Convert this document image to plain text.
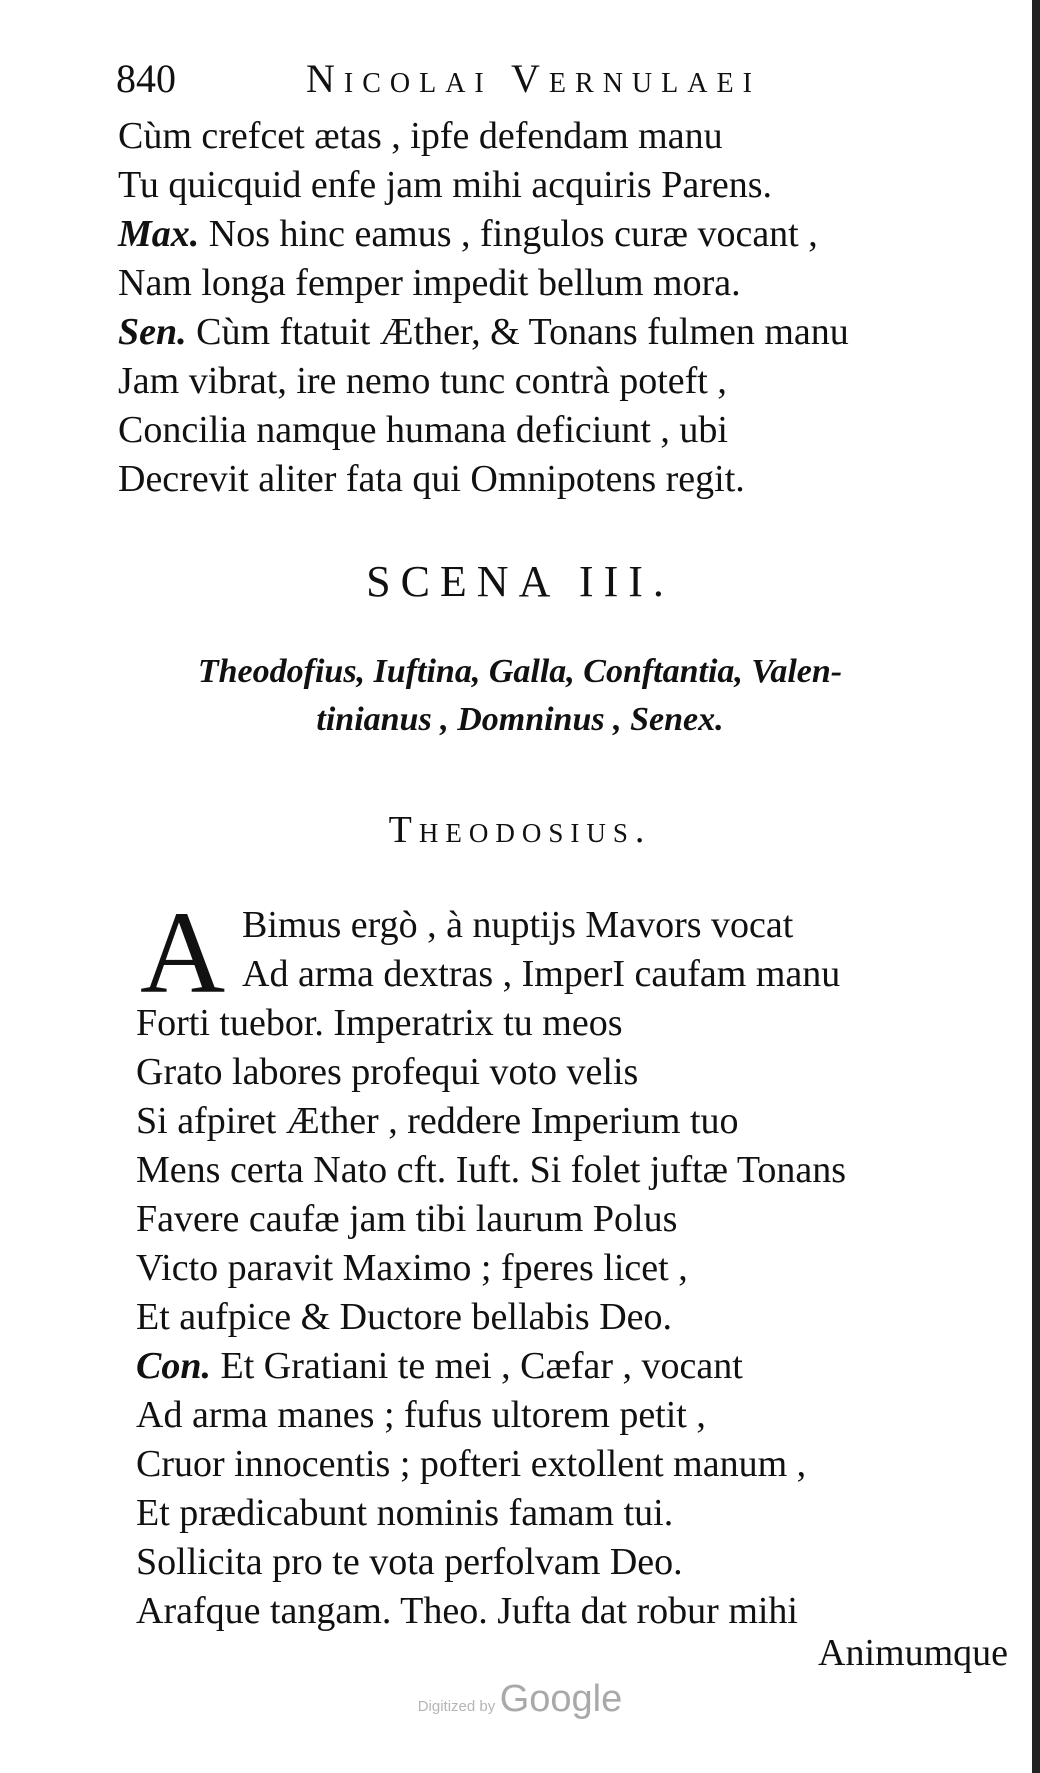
840	Nicolai Vernulaei
Cùm crefcet ætas , ipfe defendam manu
Tu quicquid enfe jam mihi acquiris Parens.
Max. Nos hinc eamus , fingulos curæ vocant ,
Nam longa femper impedit bellum mora.
Sen. Cùm ftatuit Æther, & Tonans fulmen manu
Jam vibrat, ire nemo tunc contrà poteft ,
Concilia namque humana deficiunt , ubi
Decrevit aliter fata qui Omnipotens regit.
SCENA III.
Theodofius, Iuftina, Galla, Conftantia, Valen-
tinianus , Domninus , Senex.
Theodosius.
A Bimus ergò , à nuptijs Mavors vocat
Ad arma dextras , ImperI caufam manu
Forti tuebor. Imperatrix tu meos
Grato labores profequi voto velis
Si afpiret Æther , reddere Imperium tuo
Mens certa Nato cft. Iuft. Si folet juftæ Tonans
Favere caufæ jam tibi laurum Polus
Victo paravit Maximo ; fperes licet ,
Et aufpice & Ductore bellabis Deo.
Con. Et Gratiani te mei , Cæfar , vocant
Ad arma manes ; fufus ultorem petit ,
Cruor innocentis ; pofteri extollent manum ,
Et prædicabunt nominis famam tui.
Sollicita pro te vota perfolvam Deo.
Arafque tangam. Theo. Jufta dat robur mihi
Animumque
Digitized by Google
